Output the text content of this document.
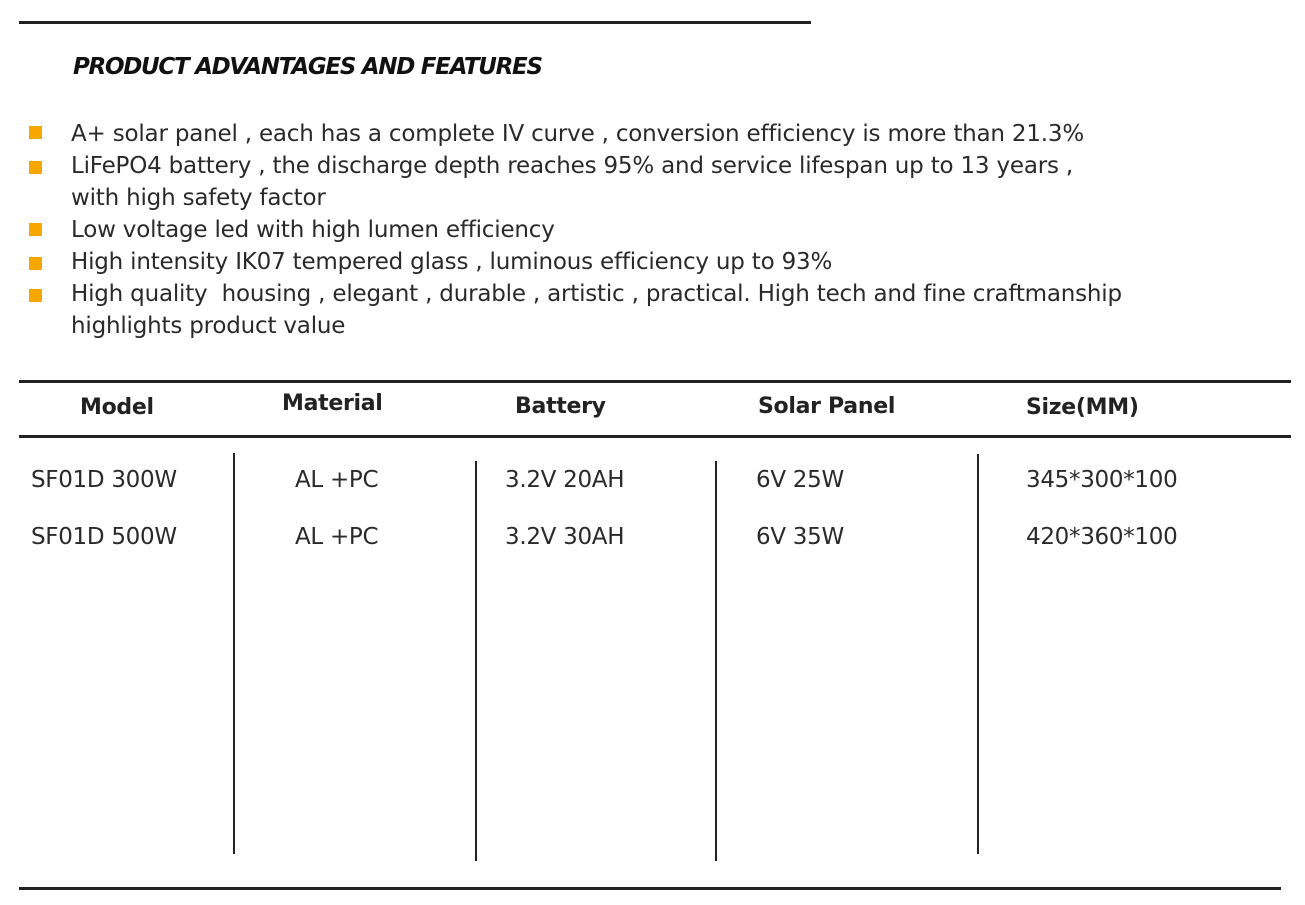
PRODUCT ADVANTAGES AND FEATURES
A+ solar panel , each has a complete IV curve , conversion efficiency is more than 21.3%
LiFePO4 battery , the discharge depth reaches 95% and service lifespan up to 13 years ,
with high safety factor
Low voltage led with high lumen efficiency
High intensity IK07 tempered glass , luminous efficiency up to 93%
High quality  housing , elegant , durable , artistic , practical. High tech and fine craftmanship
highlights product value
Model	Material	Battery	Solar Panel	Size(MM)
SF01D 300W	AL +PC	3.2V 20AH	6V 25W	345*300*100
SF01D 500W	AL +PC	3.2V 30AH	6V 35W	420*360*100
